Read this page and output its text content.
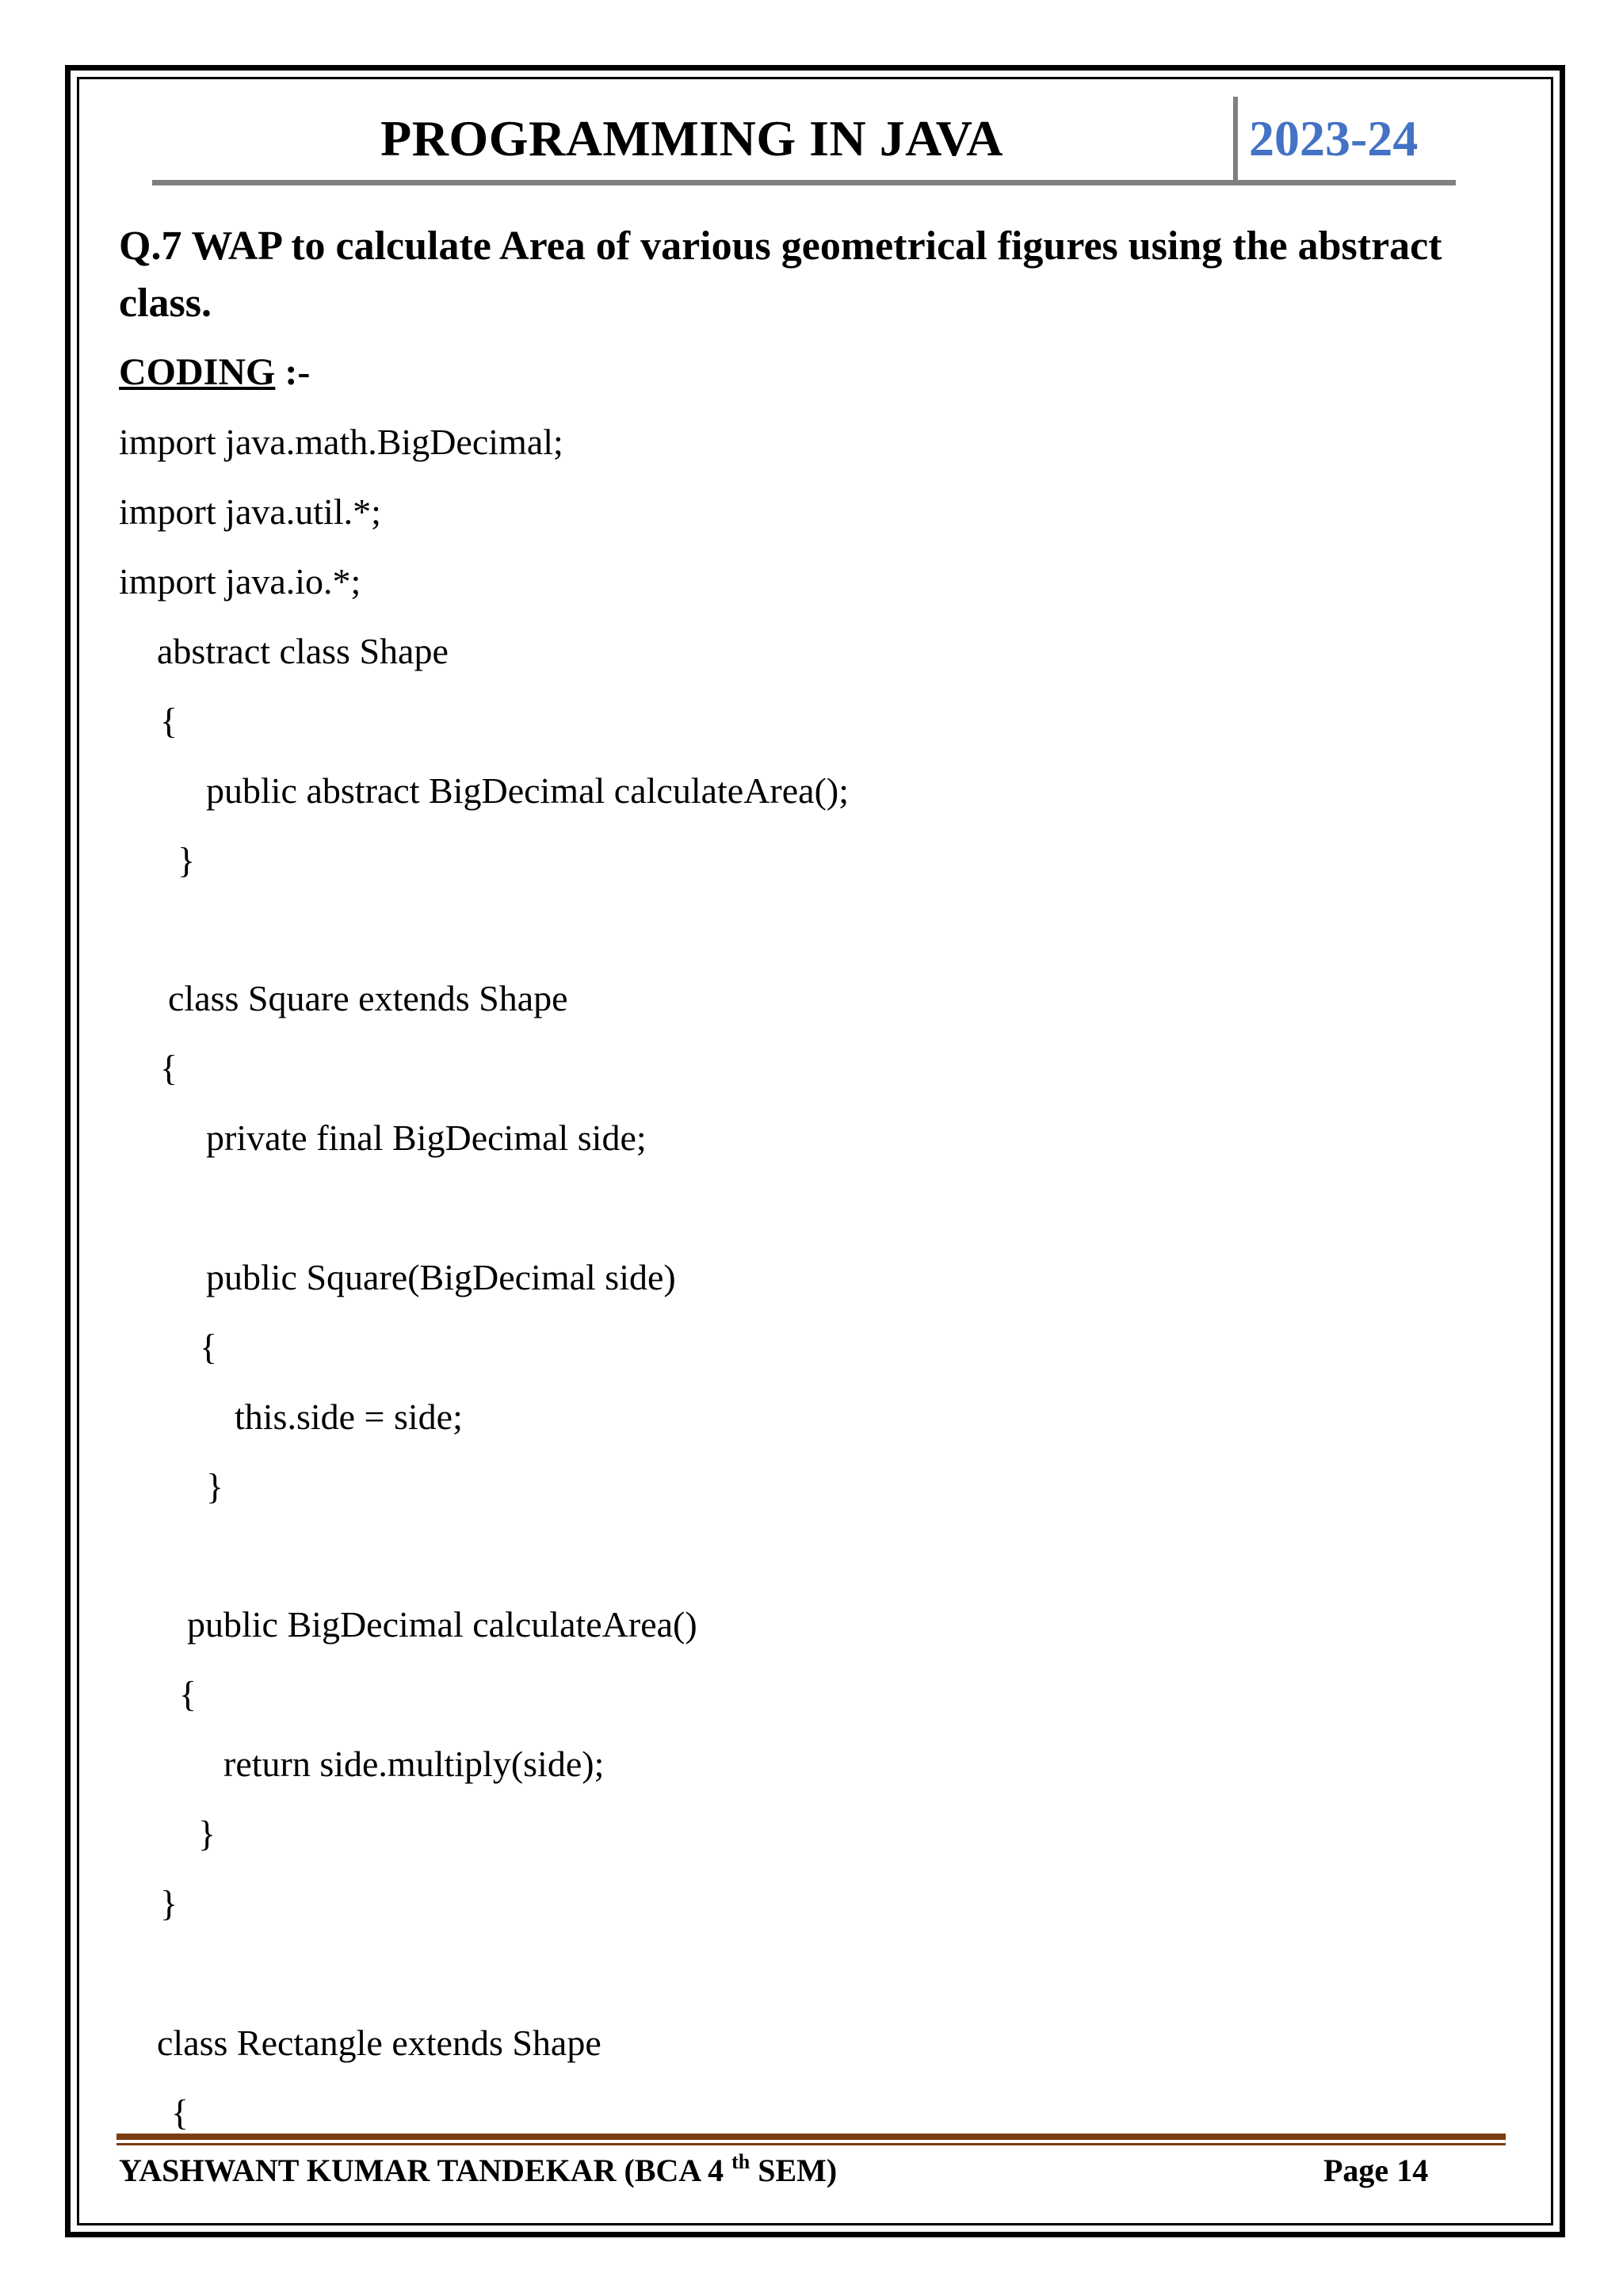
PROGRAMMING IN JAVA	2023-24
Q.7 WAP to calculate Area of various geometrical figures using the abstract class.
CODING :-
import java.math.BigDecimal;
import java.util.*;
import java.io.*;
abstract class Shape
{
public abstract BigDecimal calculateArea();
}
class Square extends Shape
{
private final BigDecimal side;
public Square(BigDecimal side)
{
this.side = side;
}
public BigDecimal calculateArea()
{
return side.multiply(side);
}
}
class Rectangle extends Shape
{
YASHWANT KUMAR TANDEKAR (BCA 4 $^{th}$ SEM)	Page 14
